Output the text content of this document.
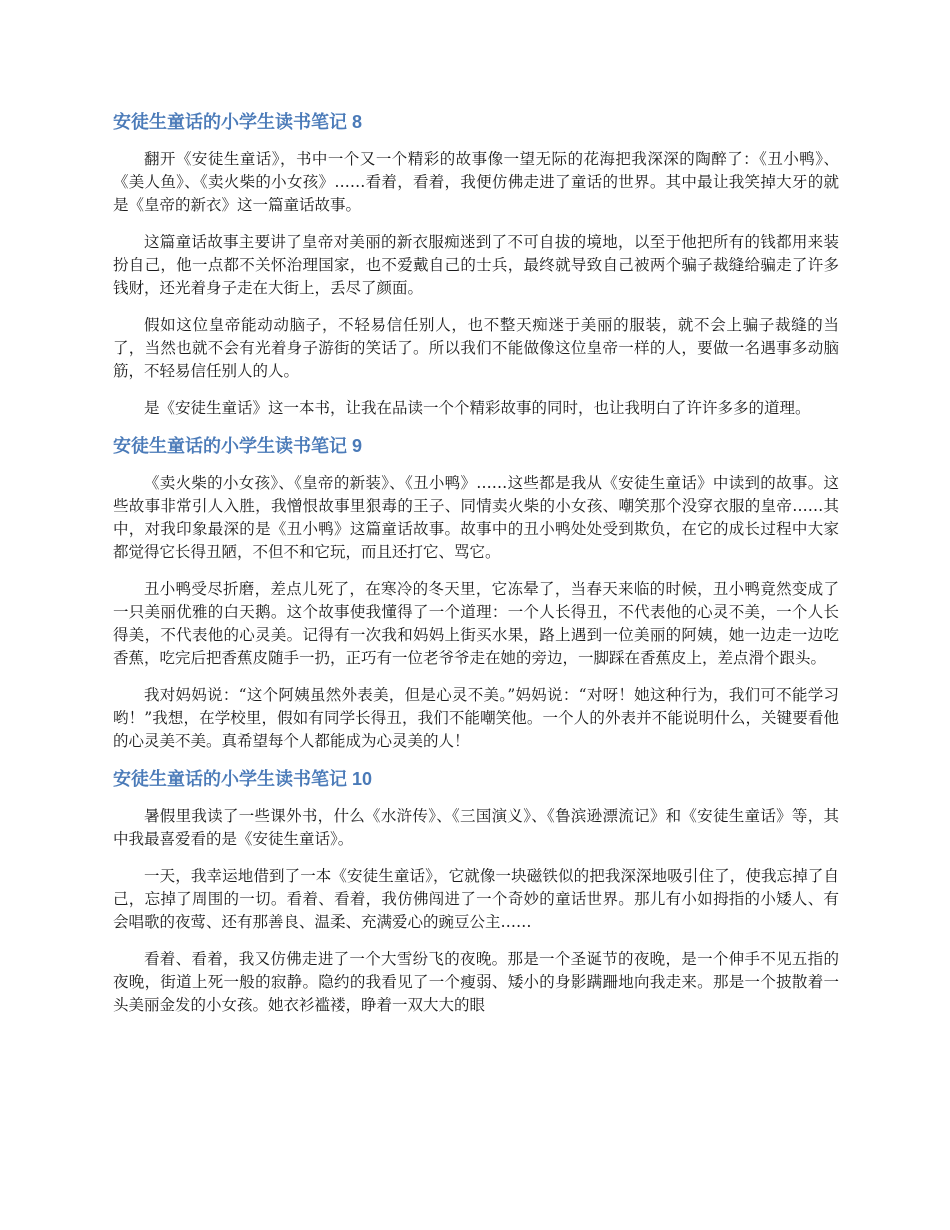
安徒生童话的小学生读书笔记 8

翻开《安徒生童话》，书中一个又一个精彩的故事像一望无际的花海把我深深的陶醉了：《丑小鸭》、《美人鱼》、《卖火柴的小女孩》……看着，看着，我便仿佛走进了童话的世界。其中最让我笑掉大牙的就是《皇帝的新衣》这一篇童话故事。

这篇童话故事主要讲了皇帝对美丽的新衣服痴迷到了不可自拔的境地，以至于他把所有的钱都用来装扮自己，他一点都不关怀治理国家，也不爱戴自己的士兵，最终就导致自己被两个骗子裁缝给骗走了许多钱财，还光着身子走在大街上，丢尽了颜面。

假如这位皇帝能动动脑子，不轻易信任别人，也不整天痴迷于美丽的服装，就不会上骗子裁缝的当了，当然也就不会有光着身子游街的笑话了。所以我们不能做像这位皇帝一样的人，要做一名遇事多动脑筋，不轻易信任别人的人。

是《安徒生童话》这一本书，让我在品读一个个精彩故事的同时，也让我明白了许许多多的道理。

安徒生童话的小学生读书笔记 9

《卖火柴的小女孩》、《皇帝的新装》、《丑小鸭》……这些都是我从《安徒生童话》中读到的故事。这些故事非常引人入胜，我憎恨故事里狠毒的王子、同情卖火柴的小女孩、嘲笑那个没穿衣服的皇帝……其中，对我印象最深的是《丑小鸭》这篇童话故事。故事中的丑小鸭处处受到欺负，在它的成长过程中大家都觉得它长得丑陋，不但不和它玩，而且还打它、骂它。

丑小鸭受尽折磨，差点儿死了，在寒冷的冬天里，它冻晕了，当春天来临的时候，丑小鸭竟然变成了一只美丽优雅的白天鹅。这个故事使我懂得了一个道理：一个人长得丑，不代表他的心灵不美，一个人长得美，不代表他的心灵美。记得有一次我和妈妈上街买水果，路上遇到一位美丽的阿姨，她一边走一边吃香蕉，吃完后把香蕉皮随手一扔，正巧有一位老爷爷走在她的旁边，一脚踩在香蕉皮上，差点滑个跟头。

我对妈妈说：“这个阿姨虽然外表美，但是心灵不美。”妈妈说：“对呀！她这种行为，我们可不能学习哟！”我想，在学校里，假如有同学长得丑，我们不能嘲笑他。一个人的外表并不能说明什么，关键要看他的心灵美不美。真希望每个人都能成为心灵美的人！

安徒生童话的小学生读书笔记 10

暑假里我读了一些课外书，什么《水浒传》、《三国演义》、《鲁滨逊漂流记》和《安徒生童话》等，其中我最喜爱看的是《安徒生童话》。

一天，我幸运地借到了一本《安徒生童话》，它就像一块磁铁似的把我深深地吸引住了，使我忘掉了自己，忘掉了周围的一切。看着、看着，我仿佛闯进了一个奇妙的童话世界。那儿有小如拇指的小矮人、有会唱歌的夜莺、还有那善良、温柔、充满爱心的豌豆公主……

看着、看着，我又仿佛走进了一个大雪纷飞的夜晚。那是一个圣诞节的夜晚，是一个伸手不见五指的夜晚，街道上死一般的寂静。隐约的我看见了一个瘦弱、矮小的身影蹒跚地向我走来。那是一个披散着一头美丽金发的小女孩。她衣衫褴褛，睁着一双大大的眼
